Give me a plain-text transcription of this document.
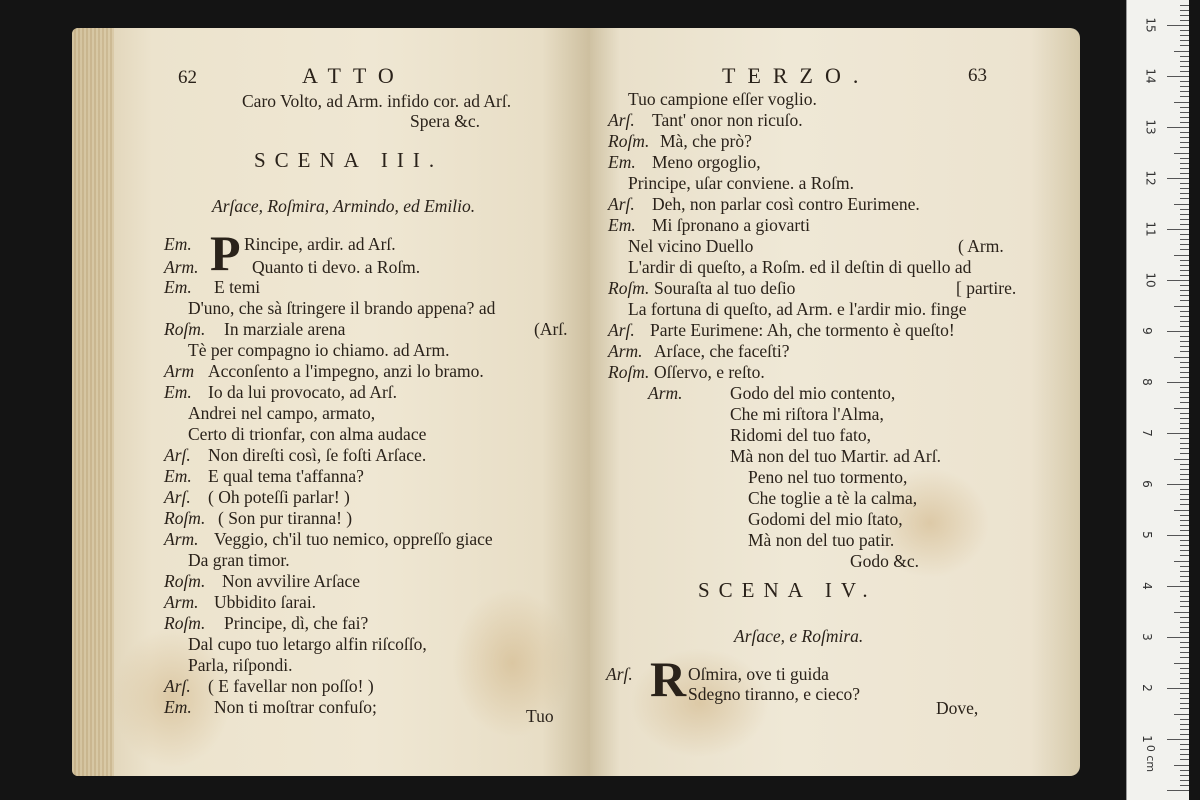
62	ATTO
Caro Volto, ad Arm. infido cor. ad Arſ.
Spera &c.
SCENA III.
Arſace, Roſmira, Armindo, ed Emilio.
P
Em.	Rincipe, ardir. ad Arſ.
Arm.	Quanto ti devo. a Roſm.
Em. E temi
D'uno, che sà ſtringere il brando appena? ad
Roſm. In marziale arena	(Arſ.
Tè per compagno io chiamo. ad Arm.
Arm Acconſento a l'impegno, anzi lo bramo.
Em. Io da lui provocato, ad Arſ.
Andrei nel campo, armato,
Certo di trionfar, con alma audace
Arſ. Non direſti così, ſe foſti Arſace.
Em. E qual tema t'affanna?
Arſ. ( Oh poteſſi parlar! )
Roſm. ( Son pur tiranna! )
Arm. Veggio, ch'il tuo nemico, oppreſſo giace
Da gran timor.
Roſm. Non avvilire Arſace
Arm. Ubbidito ſarai.
Roſm. Principe, dì, che fai?
Dal cupo tuo letargo alfin riſcoſſo,
Parla, riſpondi.
Arſ. ( E favellar non poſſo! )
Em. Non ti moſtrar confuſo;	Tuo
TERZO.	63
Tuo campione eſſer voglio.
Arſ. Tant' onor non ricuſo.
Roſm. Mà, che prò?
Em. Meno orgoglio,
Principe, uſar conviene. a Roſm.
Arſ. Deh, non parlar così contro Eurimene.
Em. Mi ſpronano a giovarti
Nel vicino Duello	( Arm.
L'ardir di queſto, a Roſm. ed il deſtin di quello ad
Roſm. Souraſta al tuo deſio	[ partire.
La fortuna di queſto, ad Arm. e l'ardir mio. finge
Arſ. Parte Eurimene: Ah, che tormento è queſto!
Arm. Arſace, che faceſti?
Roſm. Oſſervo, e reſto.
Arm.	Godo del mio contento,
Che mi riſtora l'Alma,
Ridomi del tuo fato,
Mà non del tuo Martir. ad Arſ.
Peno nel tuo tormento,
Che toglie a tè la calma,
Godomi del mio ſtato,
Mà non del tuo patir.
Godo &c.
SCENA IV.
Arſace, e Roſmira.
Arſ. R Oſmira, ove ti guida
Sdegno tiranno, e cieco?
Dove,
1
2
3
4
5
6
7
8
9
10
11
12
13
14
15
0 cm
